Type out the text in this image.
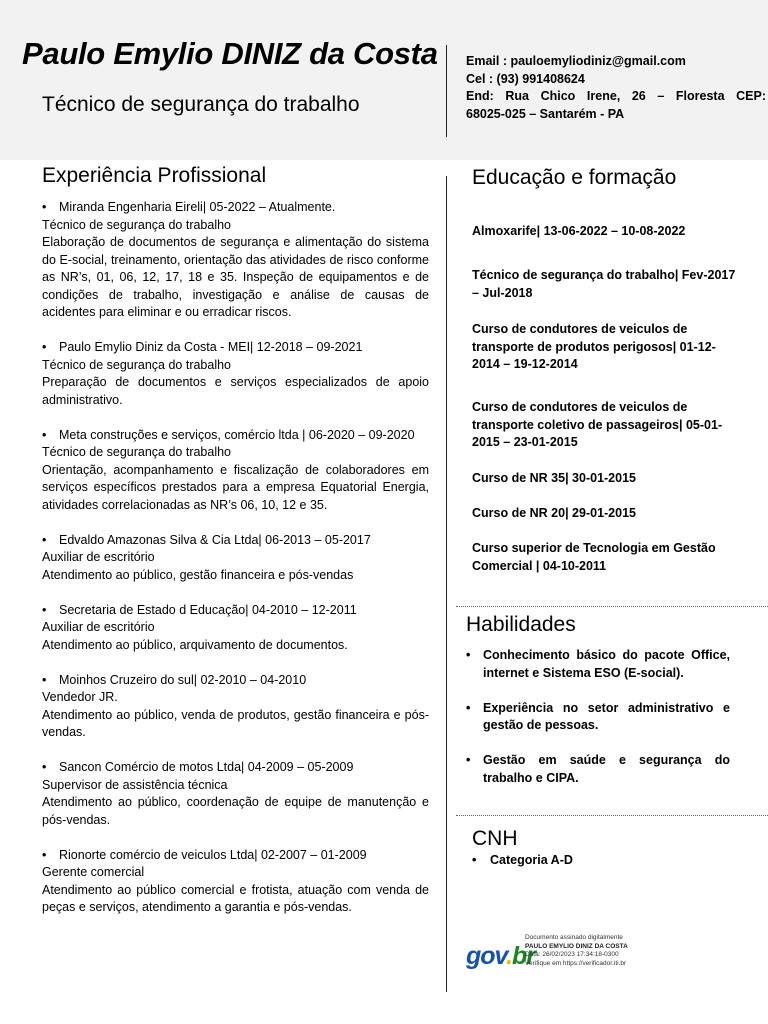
Paulo Emylio DINIZ da Costa
Técnico de segurança do trabalho
Email : pauloemyliodiniz@gmail.com
Cel : (93) 991408624
End: Rua Chico Irene, 26 – Floresta CEP:
68025-025 – Santarém - PA
Experiência Profissional
•	Miranda Engenharia Eireli| 05-2022 – Atualmente.
Técnico de segurança do trabalho

Elaboração de documentos de segurança e alimentação do sistema do E-social, treinamento, orientação das atividades de risco conforme as NR’s, 01, 06, 12, 17, 18 e 35. Inspeção de equipamentos e de condições de trabalho, investigação e análise de causas de acidentes para eliminar e ou erradicar riscos.

•	Paulo Emylio Diniz da Costa - MEI| 12-2018 – 09-2021
Técnico de segurança do trabalho

Preparação de documentos e serviços especializados de apoio administrativo.

•	Meta construções e serviços, comércio ltda | 06-2020 – 09-2020
Técnico de segurança do trabalho

Orientação, acompanhamento e fiscalização de colaboradores em serviços específicos prestados para a empresa Equatorial Energia, atividades correlacionadas as NR’s 06, 10, 12 e 35.

•	Edvaldo Amazonas Silva & Cia Ltda| 06-2013 – 05-2017
Auxiliar de escritório

Atendimento ao público, gestão financeira e pós-vendas

•	Secretaria de Estado d Educação| 04-2010 – 12-2011
Auxiliar de escritório

Atendimento ao público, arquivamento de documentos.

•	Moinhos Cruzeiro do sul| 02-2010 – 04-2010
Vendedor JR.

Atendimento ao público, venda de produtos, gestão financeira e pós-vendas.

•	Sancon Comércio de motos Ltda| 04-2009 – 05-2009
Supervisor de assistência técnica

Atendimento ao público, coordenação de equipe de manutenção e pós-vendas.

•	Rionorte comércio de veiculos Ltda| 02-2007 – 01-2009
Gerente comercial

Atendimento ao público comercial e frotista, atuação com venda de peças e serviços, atendimento a garantia e pós-vendas.

Educação e formação
Almoxarife| 13-06-2022 – 10-08-2022
Técnico de segurança do trabalho| Fev-2017 – Jul-2018
Curso de condutores de veiculos de transporte de produtos perigosos| 01-12-2014 – 19-12-2014
Curso de condutores de veiculos de transporte coletivo de passageiros| 05-01-2015 – 23-01-2015
Curso de NR 35| 30-01-2015
Curso de NR 20| 29-01-2015
Curso superior de Tecnologia em Gestão Comercial | 04-10-2011
Habilidades
•	Conhecimento básico do pacote Office, internet e Sistema ESO (E-social).
•	Experiência no setor administrativo e gestão de pessoas.
•	Gestão em saúde e segurança do trabalho e CIPA.
CNH
•	Categoria A-D
gov.br
Documento assinado digitalmente
PAULO EMYLIO DINIZ DA COSTA
Data: 26/02/2023 17:34:18-0300
Verifique em https://verificador.iti.br
